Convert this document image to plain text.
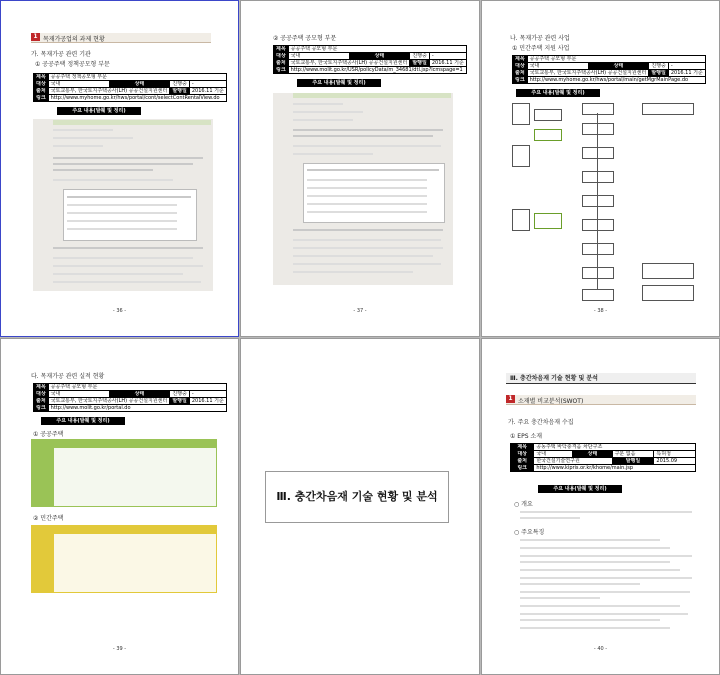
1 목재가공업의 과제 현황
가. 목재가공 관련 기관
① 공공주택 정책공모형 부문
제목	공공주택 정책공모형 부문			
대상	국내	상태	진행중	-
출처	국토교통부, 한국토지주택공사(LH) 공공건설지원센터		발행일	2016.11 기준
링크	http://www.myhome.go.kr/hws/portal/cont/selectContRentalView.do			
주요 내용(발췌 및 정리)
- 36 -
② 공공주택 공모형 부문
제목	공공주택 공모형 부문			
대상	국내	상태	진행중	-
출처	국토교통부, 한국토지주택공사(LH) 공공건설지원센터		발행일	2016.11 기준
링크	http://www.molit.go.kr/USR/policyData/m_34681/dtl.jsp?lcmspage=1			
주요 내용(발췌 및 정리)
- 37 -
나. 목재가공 관련 사업
① 민간주택 지원 사업
제목	공공주택 공모형 부문			
대상	국내	상태	진행중	-
출처	국토교통부, 한국토지주택공사(LH) 공공건설지원센터		발행일	2016.11 기준
링크	http://www.myhome.go.kr/hws/portal/main/getMgrMainPage.do			
주요 내용(발췌 및 정리)
- 38 -
다. 목재가공 관련 실적 현황
제목	공공주택 공모형 부문			
대상	국내	상태	진행중	-
출처	국토교통부, 한국토지주택공사(LH) 공공건설지원센터		발행일	2016.11 기준
링크	http://www.molit.go.kr/portal.do			
주요 내용(발췌 및 정리)
① 공공주택
② 민간주택
- 39 -
Ⅲ. 충간차음재 기술 현황 및 분석
Ⅲ. 충간차음재 기술 현황 및 분석
1 소재별 비교분석(SWOT)
가. 주요 충간차음재 수집
① EPS 소재
제목	공동주택 바닥충격음 차단구조			
대상	국내	상태	구분 없음	특허청
출처	한국건설기술연구원		발행일	2015.09
링크	http://www.kipris.or.kr/khome/main.jsp			
주요 내용(발췌 및 정리)
○ 개요
○ 주요특징
- 40 -
